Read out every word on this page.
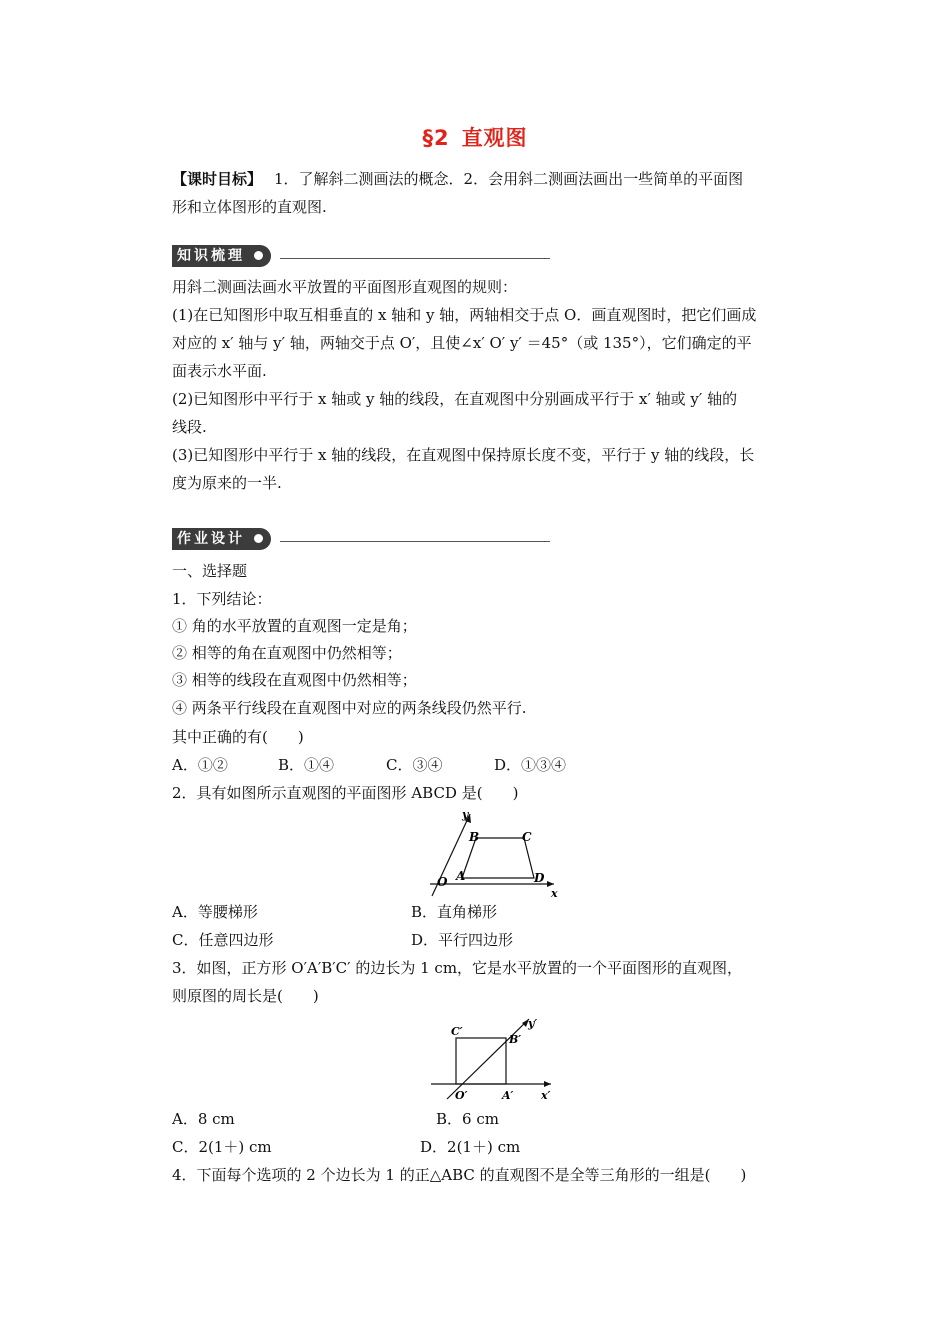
§2 直观图
【课时目标】 1．了解斜二测画法的概念．2．会用斜二测画法画出一些简单的平面图
形和立体图形的直观图.
知识梳理
用斜二测画法画水平放置的平面图形直观图的规则：
(1)在已知图形中取互相垂直的 x 轴和 y 轴，两轴相交于点 O．画直观图时，把它们画成
对应的 x′ 轴与 y′ 轴，两轴交于点 O′，且使∠x′ O′ y′ ＝45°（或 135°），它们确定的平
面表示水平面.
(2)已知图形中平行于 x 轴或 y 轴的线段，在直观图中分别画成平行于 x′ 轴或 y′ 轴的
线段.
(3)已知图形中平行于 x 轴的线段，在直观图中保持原长度不变，平行于 y 轴的线段，长
度为原来的一半.
作业设计
一、选择题
1．下列结论：
① 角的水平放置的直观图一定是角；
② 相等的角在直观图中仍然相等；
③ 相等的线段在直观图中仍然相等；
④ 两条平行线段在直观图中对应的两条线段仍然平行.
其中正确的有(　　)
A．①②	B．①④	C．③④	D．①③④
2．具有如图所示直观图的平面图形 ABCD 是(　　)
y
x
O A
B	C
D
A．等腰梯形	B．直角梯形
C．任意四边形	D．平行四边形
3．如图，正方形 O′A′B′C′ 的边长为 1 cm，它是水平放置的一个平面图形的直观图，
则原图的周长是(　　)
C′
B′
O′	A′	x′
y′
A．8 cm	B．6 cm
C．2(1＋) cm	D．2(1＋) cm
4．下面每个选项的 2 个边长为 1 的正△ABC 的直观图不是全等三角形的一组是(　　)
